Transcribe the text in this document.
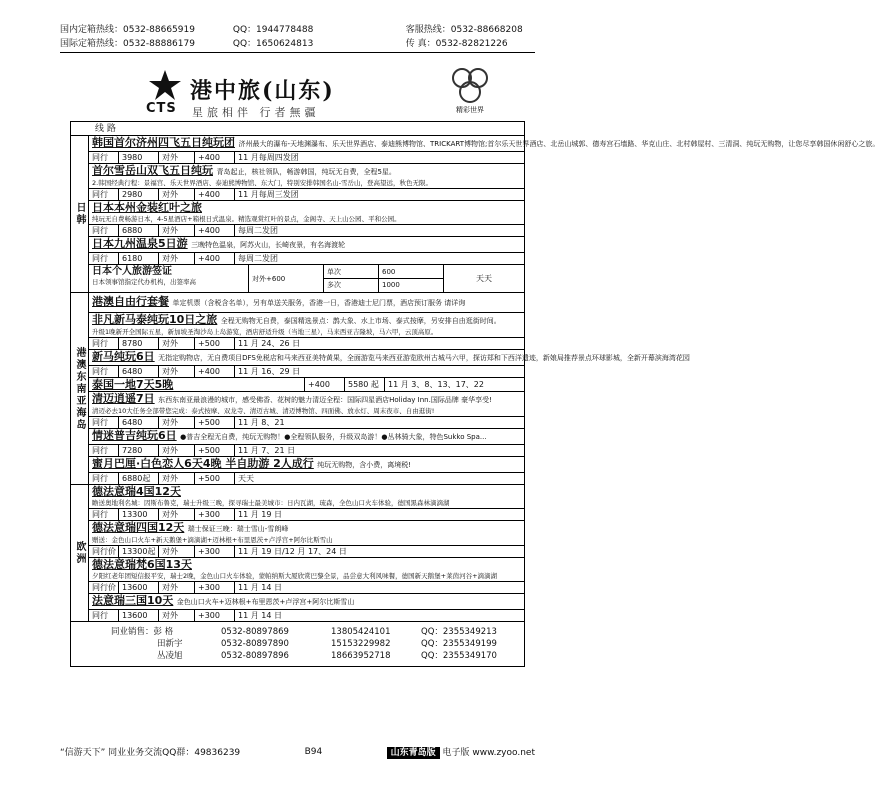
国内定箱热线：0532-88665919	QQ：1944778488	客服热线：0532-88668208
国际定箱热线：0532-88886179	QQ：1650624813	传 真：0532-82821226
CTS
港中旅(山东)
星旅相伴 行者無疆	精彩世界
线 路
日韩
韩国首尔济州四飞五日纯玩团 济州最大的瀑布-天地渊瀑布、乐天世界酒店、泰迪熊博物馆、TRICKART博物馆;首尔乐天世界酒店、北岳山城郭、德寿宫石墙路、华克山庄、北村韩屋村、三清洞、纯玩无购物，让您尽享韩国休闲舒心之旅。
同行	3980	对外	+400	11 月每周四发团
首尔雪岳山双飞五日纯玩 青岛起止，核社领队，畅游韩国，纯玩无自费，全程5星。
2.韩国经典行程：景福宫、乐天世界酒店、泰迪熊博物馆、东大门，特别安排韩国名山-雪岳山，登高望远，秋色无限。
同行	2980	对外	+400	11 月每周三发团
日本本州金装红叶之旅
纯玩无自费畅游日本，4-5星酒店+箱根日式温泉。精选观赏红叶的景点，金阁寺、天上山公园、平和公园。
同行	6880	对外	+400	每周二发团
日本九州温泉5日游 三晚特色温泉，阿苏火山，长崎夜景，有名海渡轮
同行	6180	对外	+400	每周二发团
日本个人旅游签证
日本领事馆指定代办机构，出签率高	对外+600
单次	600
多次	1000
天天
港澳东南亚海岛
港澳自由行套餐 单定机票（含税含名单），另有单送关服务，香港一日，香港迪士尼门票，酒店预订服务 请详询
非凡新马泰纯玩10日之旅 全程无购物无自费，泰国精选景点：鹊大象、水上市场、泰式按摩，另安排自由逛街时间。
升级1晚新开全国际五星，新加坡圣淘沙岛上岛游览，酒店舒适升级（当地三星），马来西亚吉隆坡，马六甲，云顶高原。
同行	8780	对外	+500	11 月 24、26 日
新马纯玩6日 无指定购物店，无自费项目DFS免税店和马来西亚美特黄果，全面游览马来西亚游览欧州古城马六甲，探访郑和下西洋遗迹，新娘局推荐景点环球影城，全新开幕滨海湾花园
同行	6480	对外	+400	11 月 16、29 日
泰国一地7天5晚	+400	5580 起	11 月 3、8、13、17、22
清迈逍遥7日 东西东南亚最浪漫的城市，感受佛香、花树的魅力清迈全程：国际四星酒店Holiday Inn.国际品牌 豪华享受!
清迈必去10大任务全部带您完成：泰式按摩、双龙寺、清迈古城、清迈博物馆、四面佛、放水灯、周末夜市、自由逛街!
同行	6480	对外	+500	11 月 8、21
情迷普吉纯玩6日 ●普吉全程无自费，纯玩无购物！●全程领队服务，升级双岛游！●丛林骑大象，特色Sukko Spa...
同行	7280	对外	+500	11 月 7、21 日
蜜月巴厘·白色恋人6天4晚 半自助游 2人成行 纯玩无购物，含小费，离境税!
同行	6880起	对外	+500	天天
欧洲
德法意瑞4国12天
瞻送奥地利名城：因斯布鲁克，瑞士升级三晚，探寻瑞士最美城市：日内瓦湖，琉森，全色山口火车体验，德国黑森林滴滴湖
同行	13300	对外	+300	11 月 19 日
德法意瑞四国12天 瑞士保证三晚：瑞士雪山-雪朗峰
赠送：金色山口火车+新天鹅堡+滴滴湖+迈林根+布里恩茨+卢浮宫+阿尔比斯雪山
同行价 13300起 对外	+300	11 月 19 日/12 月 17、24 日
德法意瑞梵6国13天
夕阳红老年团短信报平安，瑞士2晚，金色山口火车体验，蒙帕纳斯大厦欣赏巴黎全景，品尝意大利风味餐，德国新天鹅堡+莱茵河谷+滴滴湖
同行价 13600	对外	+300	11 月 14 日
法意瑞三国10天 金色山口火车+迈林根+布里恩茨+卢浮宫+阿尔比斯雪山
同行	13600	对外	+300	11 月 14 日
同业销售：彭 格	0532-80897869	13805424101	QQ：2355349213
田新宇	0532-80897890	15153229982	QQ：2355349199
丛凌旭	0532-80897896	18663952718	QQ：2355349170
“信游天下” 同业业务交流QQ群：49836239	B94	山东青岛版 电子版 www.zyoo.net
